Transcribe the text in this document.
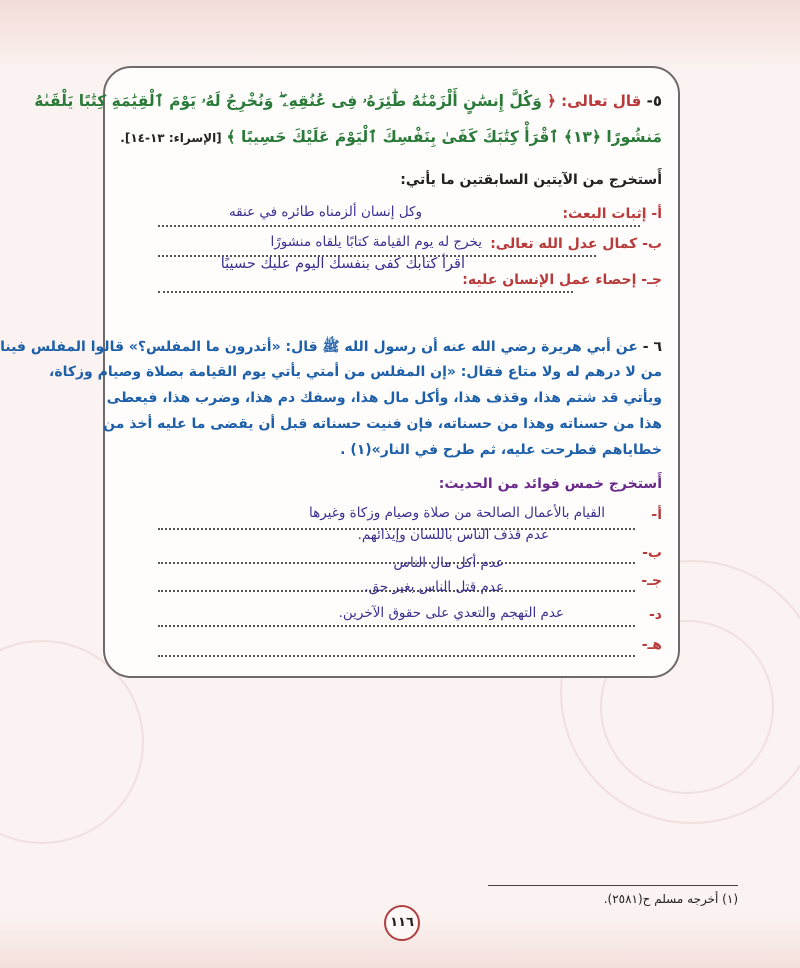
٥- قال تعالى: ﴿ وَكُلَّ إِنسَٰنٍ أَلْزَمْنَٰهُ طَٰٓئِرَهُۥ فِى عُنُقِهِۦ ۖ وَنُخْرِجُ لَهُۥ يَوْمَ ٱلْقِيَٰمَةِ كِتَٰبًا يَلْقَىٰهُ
مَنشُورًا ﴿١٣﴾ ٱقْرَأْ كِتَٰبَكَ كَفَىٰ بِنَفْسِكَ ٱلْيَوْمَ عَلَيْكَ حَسِيبًا ﴾ [الإسراء: ١٣-١٤].
أَستخرج من الآيتين السابقتين ما يأتي:
أ- إثبات البعث:
وكل إنسان ألزمناه طائره في عنقه
ب- كمال عدل الله تعالى:
يخرج له يوم القيامة كتابًا يلقاه منشورًا
جـ- إحصاء عمل الإنسان عليه:
اقرأ كتابك كفى بنفسك اليوم عليك حسيبًا
٦ - عن أبي هريرة رضي الله عنه أن رسول الله ﷺ قال: «أتدرون ما المفلس؟» قالوا المفلس فينا
من لا درهم له ولا متاع فقال: «إن المفلس من أمتي يأتي يوم القيامة بصلاة وصيام وزكاة،
ويأتي قد شتم هذا، وقذف هذا، وأكل مال هذا، وسفك دم هذا، وضرب هذا، فيعطى
هذا من حسناته وهذا من حسناته، فإن فنيت حسناته قبل أن يقضى ما عليه أخذ من
خطاياهم فطرحت عليه، ثم طرح في النار»(١) .
أَستخرج خمس فوائد من الحديث:
أ-
القيام بالأعمال الصالحة من صلاة وصيام وزكاة وغيرها
ب-
عدم قذف الناس باللسان وإيذائهم.
جـ-
عدم أكل مال الناس
عدم قتل الناس بغير حق.
د-
عدم التهجم والتعدي على حقوق الآخرين.
هـ-
(١) أخرجه مسلم ح(٢٥٨١).
١١٦
